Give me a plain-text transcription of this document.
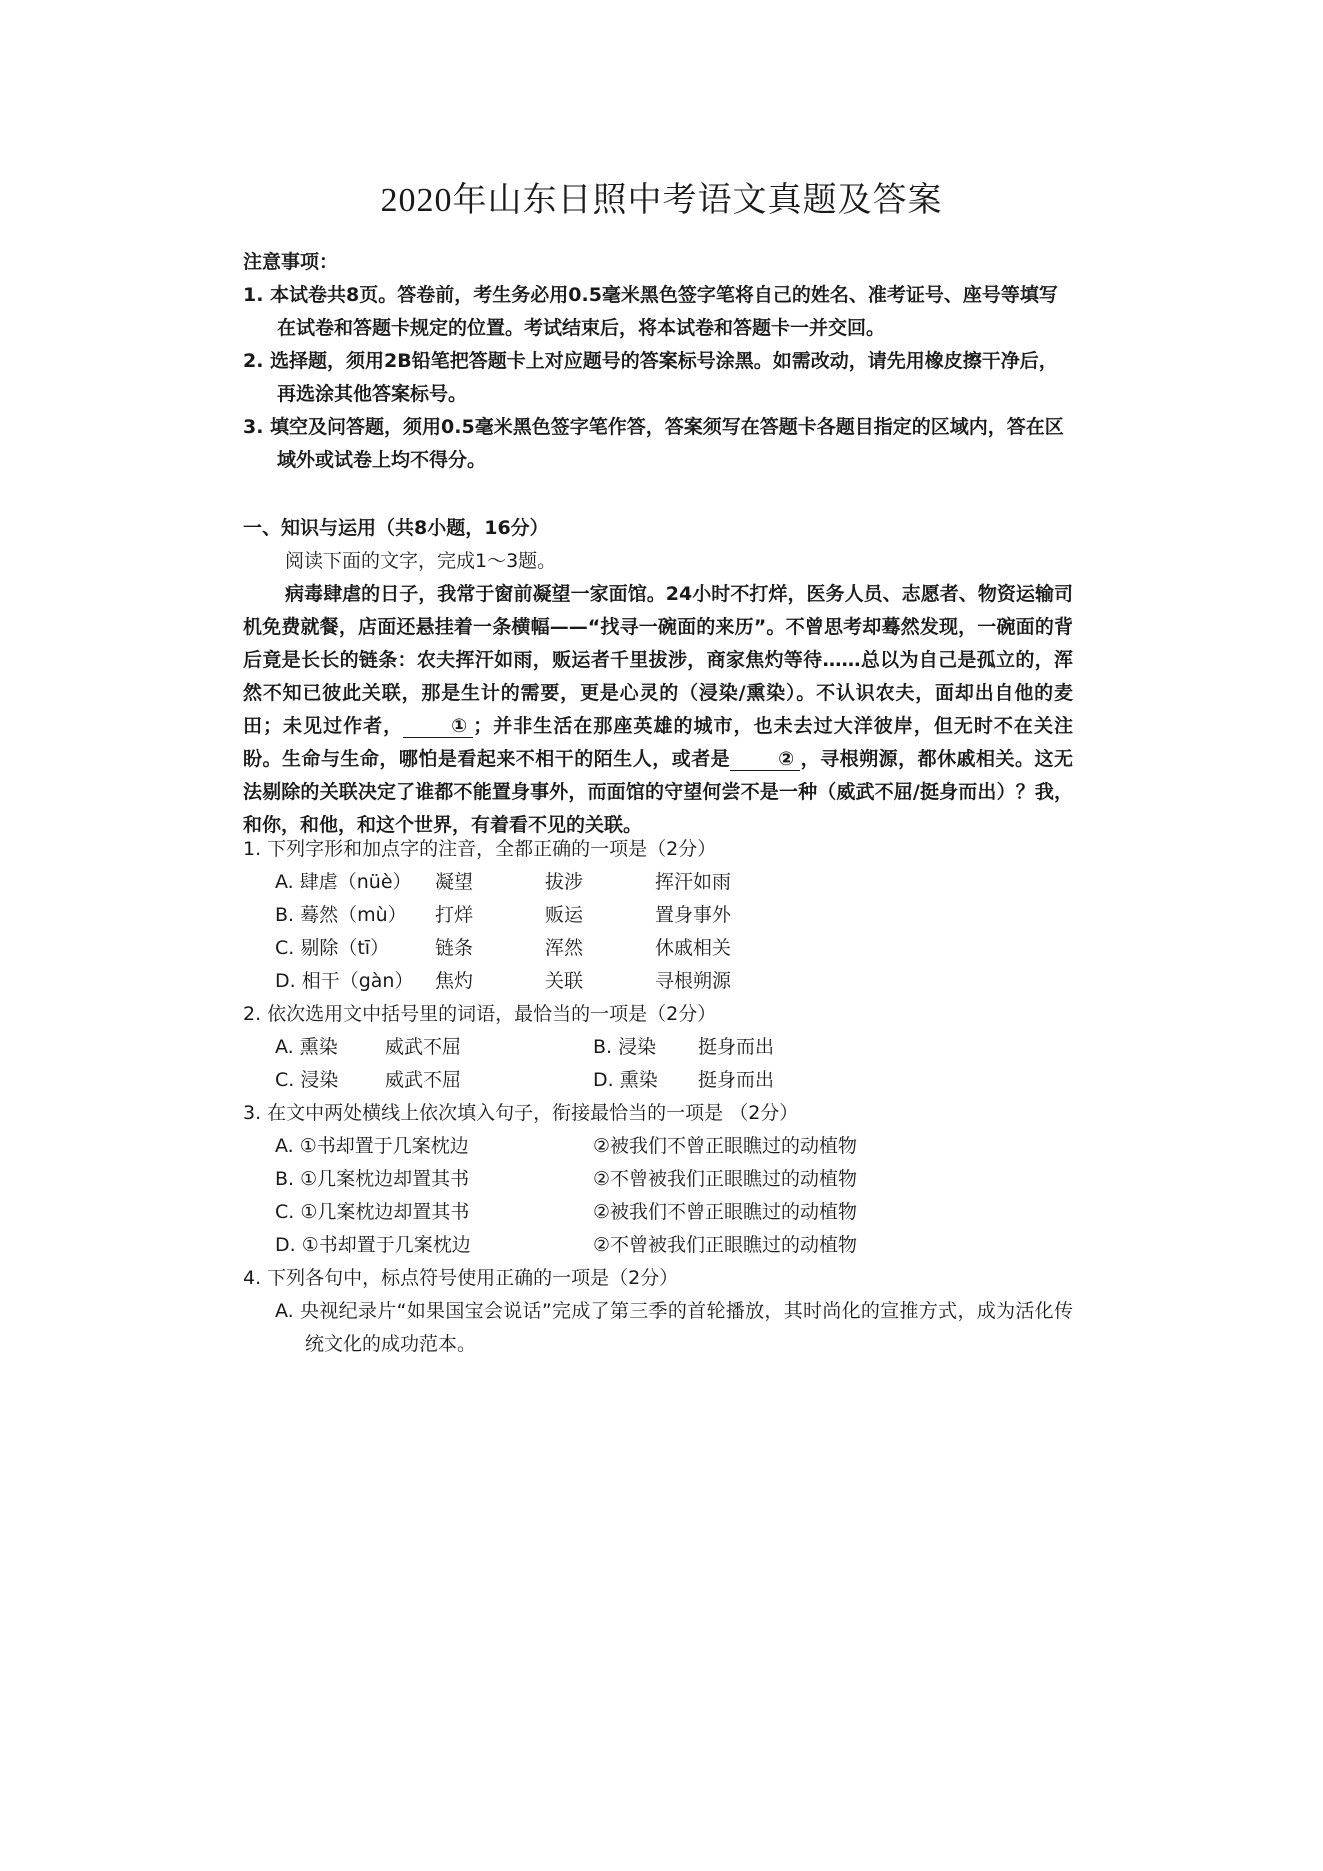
2020年山东日照中考语文真题及答案
注意事项：
1. 本试卷共8页。答卷前，考生务必用0.5毫米黑色签字笔将自己的姓名、准考证号、座号等填写在试卷和答题卡规定的位置。考试结束后，将本试卷和答题卡一并交回。
2. 选择题，须用2B铅笔把答题卡上对应题号的答案标号涂黑。如需改动，请先用橡皮擦干净后，再选涂其他答案标号。
3. 填空及问答题，须用0.5毫米黑色签字笔作答，答案须写在答题卡各题目指定的区域内，答在区域外或试卷上均不得分。
一、知识与运用（共8小题，16分）
阅读下面的文字，完成1～3题。
病毒肆虐的日子，我常于窗前凝望一家面馆。24小时不打烊，医务人员、志愿者、物资运输司机免费就餐，店面还悬挂着一条横幅——“找寻一碗面的来历”。不曾思考却蓦然发现，一碗面的背后竟是长长的链条：农夫挥汗如雨，贩运者千里拔涉，商家焦灼等待……总以为自己是孤立的，浑然不知已彼此关联，那是生计的需要，更是心灵的（浸染/熏染）。不认识农夫，面却出自他的麦田；未见过作者，	① ；并非生活在那座英雄的城市，也未去过大洋彼岸，但无时不在关注盼。生命与生命，哪怕是看起来不相干的陌生人，或者是	② ，寻根朔源，都休戚相关。这无法剔除的关联决定了谁都不能置身事外，而面馆的守望何尝不是一种（威武不屈/挺身而出）？我，和你，和他，和这个世界，有着看不见的关联。
1. 下列字形和加点字的注音，全都正确的一项是（2分）
A. 肆虐（nüè）	凝望	拔涉	挥汗如雨
B. 蓦然（mù）	打烊	贩运	置身事外
C. 剔除（tī）	链条	浑然	休戚相关
D. 相干（gàn）	焦灼	关联	寻根朔源
2. 依次选用文中括号里的词语，最恰当的一项是（2分）
A. 熏染	威武不屈	B. 浸染	挺身而出
C. 浸染	威武不屈	D. 熏染	挺身而出
3. 在文中两处横线上依次填入句子，衔接最恰当的一项是 （2分）
A. ①书却置于几案枕边	②被我们不曾正眼瞧过的动植物
B. ①几案枕边却置其书	②不曾被我们正眼瞧过的动植物
C. ①几案枕边却置其书	②被我们不曾正眼瞧过的动植物
D. ①书却置于几案枕边	②不曾被我们正眼瞧过的动植物
4. 下列各句中，标点符号使用正确的一项是（2分）
A. 央视纪录片“如果国宝会说话”完成了第三季的首轮播放，其时尚化的宣推方式，成为活化传统文化的成功范本。
